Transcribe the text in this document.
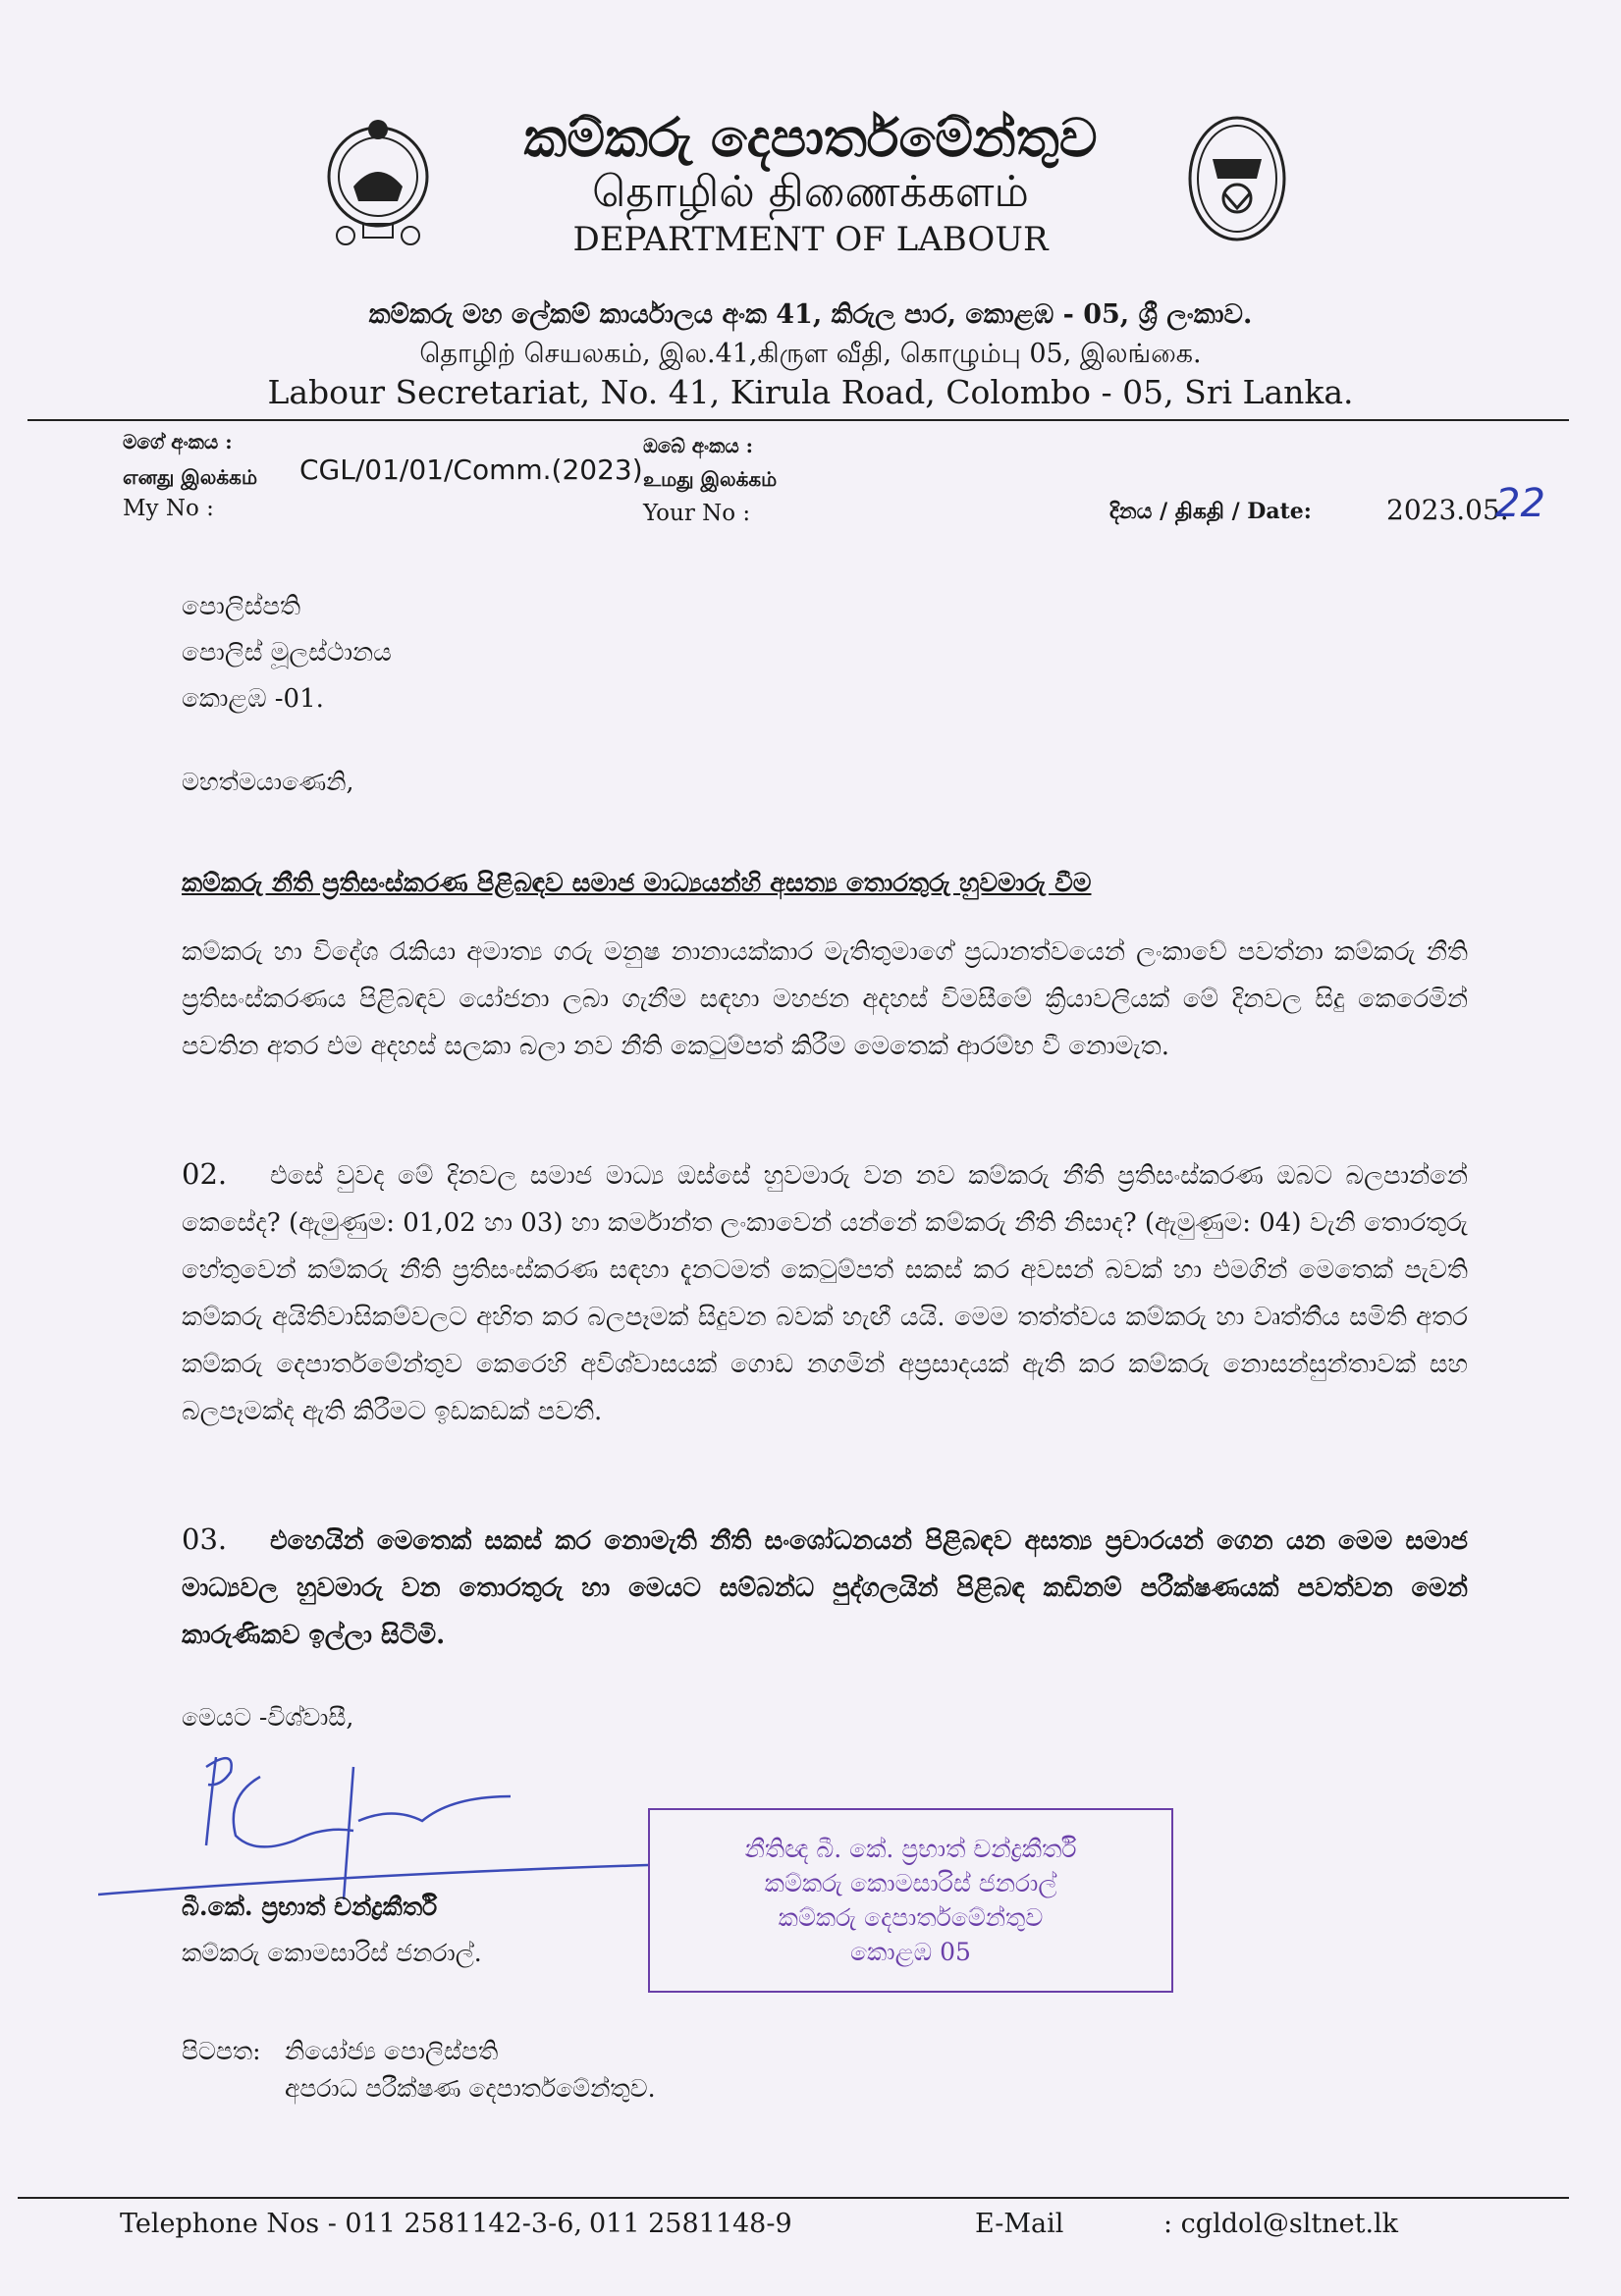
කම්කරු දෙපාර්තමේන්තුව
தொழில் திணைக்களம்
DEPARTMENT OF LABOUR
කම්කරු මහ ලේකම් කාර්යාලය අංක 41, කිරුල පාර, කොළඹ - 05, ශ්‍රී ලංකාව.
தொழிற் செயலகம், இல.41,கிருள வீதி, கொழும்பு 05, இலங்கை.
Labour Secretariat, No. 41, Kirula Road, Colombo - 05, Sri Lanka.
මගේ අංකය :
எனது இலக்கம்
My No :
CGL/01/01/Comm.(2023)
ඔබේ අංකය :
உமது இலக்கம்
Your No :	දිනය / திகதி / Date:	2023.05.
22
පොලිස්පති
පොලිස් මූලස්ථානය
කොළඹ -01.
මහත්මයාණෙනි,
කම්කරු නීති ප්‍රතිසංස්කරණ පිළිබඳව සමාජ මාධ්‍යයන්හි අසත්‍ය තොරතුරු හුවමාරු වීම
කම්කරු හා විදේශ රැකියා අමාත්‍ය ගරු මනුෂ නානායක්කාර මැතිතුමාගේ ප්‍රධානත්වයෙන් ලංකාවේ පවත්නා කම්කරු නීති ප්‍රතිසංස්කරණය පිළිබඳව යෝජනා ලබා ගැනීම සඳහා මහජන අදහස් විමසීමේ ක්‍රියාවලියක් මේ දිනවල සිදු කෙරෙමින් පවතින අතර එම අදහස් සලකා බලා නව නීති කෙටුම්පත් කිරීම මෙතෙක් ආරම්භ වී නොමැත.
02. එසේ වුවද මේ දිනවල සමාජ මාධ්‍ය ඔස්සේ හුවමාරු වන නව කම්කරු නීති ප්‍රතිසංස්කරණ ඔබට බලපාන්නේ කෙසේද? (ඇමුණුම: 01,02 හා 03) හා කර්මාන්ත ලංකාවෙන් යන්නේ කම්කරු නීති නිසාද? (ඇමුණුම: 04) වැනි තොරතුරු හේතුවෙන් කම්කරු නීති ප්‍රතිසංස්කරණ සඳහා දැනටමත් කෙටුම්පත් සකස් කර අවසන් බවක් හා එමගින් මෙතෙක් පැවති කම්කරු අයිතිවාසිකම්වලට අහිත කර බලපෑමක් සිදුවන බවක් හැඟී යයි. මෙම තත්ත්වය කම්කරු හා වෘත්තීය සමිති අතර කම්කරු දෙපාර්තමේන්තුව කෙරෙහි අවිශ්වාසයක් ගොඩ නගමින් අප්‍රසාදයක් ඇති කර කම්කරු නොසන්සුන්තාවක් සහ බලපෑමක්ද ඇති කිරීමට ඉඩකඩක් පවතී.
03. එහෙයින් මෙතෙක් සකස් කර නොමැති නීති සංශෝධනයන් පිළිබඳව අසත්‍ය ප්‍රචාරයන් ගෙන යන මෙම සමාජ මාධ්‍යවල හුවමාරු වන තොරතුරු හා මෙයට සම්බන්ධ පුද්ගලයින් පිළිබඳ කඩිනම් පරීක්ෂණයක් පවත්වන මෙන් කාරුණිකව ඉල්ලා සිටිමි.
මෙයට -විශ්වාසී,
බී.කේ. ප්‍රභාත් චන්ද්‍රකීර්ති
කම්කරු කොමසාරිස් ජනරාල්.
නීතිඥ බී. කේ. ප්‍රභාත් චන්ද්‍රකීර්ති
කම්කරු කොමසාරිස් ජනරාල්
කම්කරු දෙපාර්තමේන්තුව
කොළඹ 05
පිටපත: නියෝජ්‍ය පොලිස්පති
අපරාධ පරීක්ෂණ දෙපාර්තමේන්තුව.
Telephone Nos - 011 2581142-3-6, 011 2581148-9	E-Mail	: cgldol@sltnet.lk
